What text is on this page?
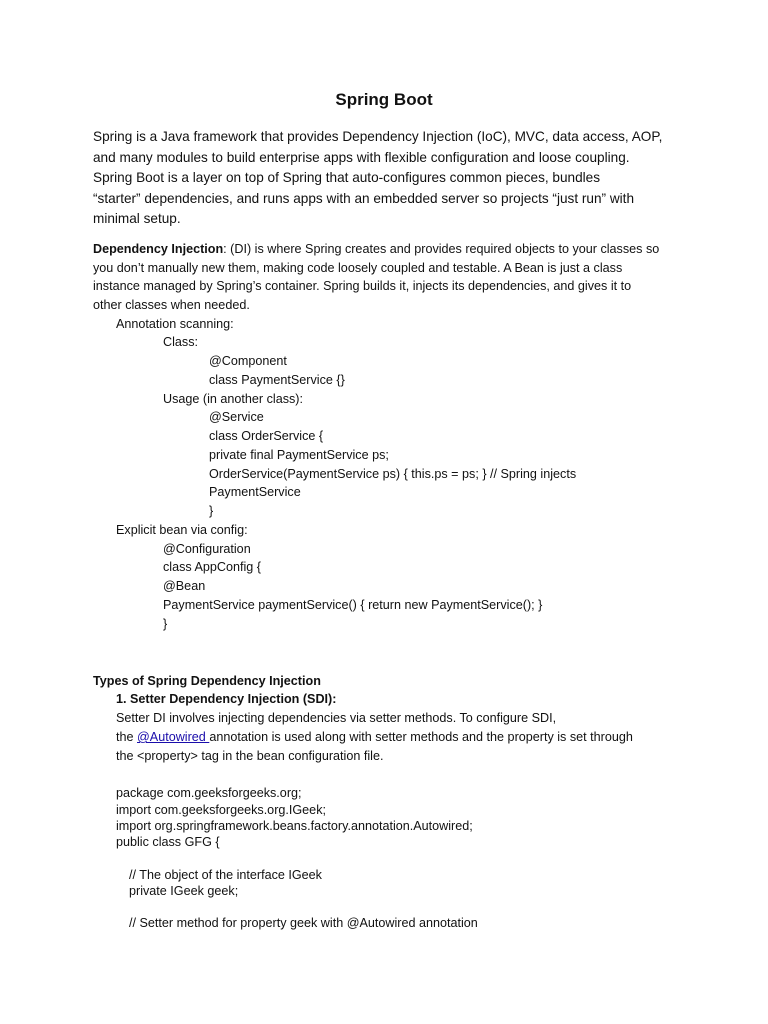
Spring Boot
Spring is a Java framework that provides Dependency Injection (IoC), MVC, data access, AOP,
and many modules to build enterprise apps with flexible configuration and loose coupling.
Spring Boot is a layer on top of Spring that auto-configures common pieces, bundles
“starter” dependencies, and runs apps with an embedded server so projects “just run” with
minimal setup.
Dependency Injection: (DI) is where Spring creates and provides required objects to your classes so
you don’t manually new them, making code loosely coupled and testable. A Bean is just a class
instance managed by Spring’s container. Spring builds it, injects its dependencies, and gives it to
other classes when needed.
Annotation scanning:
Class:
@Component
class PaymentService {}
Usage (in another class):
@Service
class OrderService {
private final PaymentService ps;
OrderService(PaymentService ps) { this.ps = ps; } // Spring injects
PaymentService
}
Explicit bean via config:
@Configuration
class AppConfig {
@Bean
PaymentService paymentService() { return new PaymentService(); }
}
Types of Spring Dependency Injection
1. Setter Dependency Injection (SDI):
Setter DI involves injecting dependencies via setter methods. To configure SDI,
the @Autowired annotation is used along with setter methods and the property is set through
the <property> tag in the bean configuration file.
package com.geeksforgeeks.org;
import com.geeksforgeeks.org.IGeek;
import org.springframework.beans.factory.annotation.Autowired;
public class GFG {
// The object of the interface IGeek
private IGeek geek;
// Setter method for property geek with @Autowired annotation
